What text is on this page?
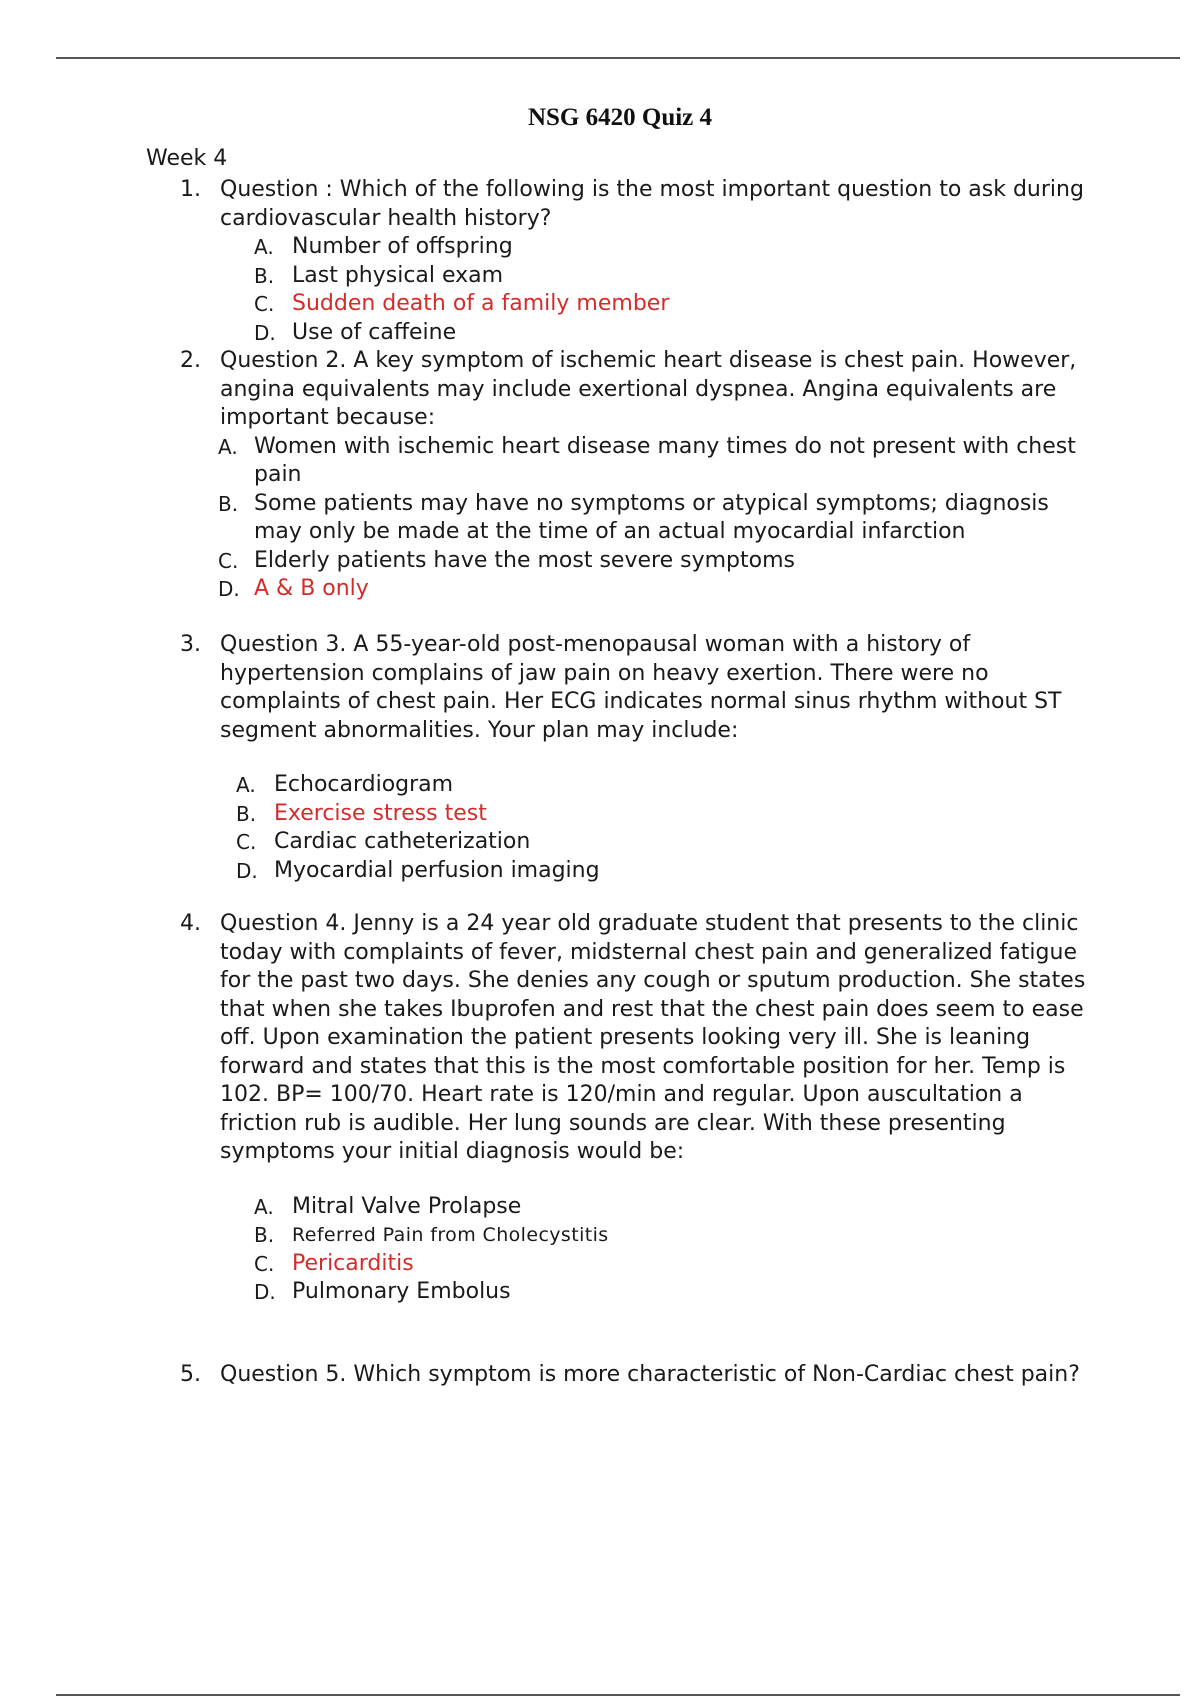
NSG 6420 Quiz 4
Week 4
1. Question : Which of the following is the most important question to ask during cardiovascular health history?
A. Number of offspring
B. Last physical exam
C. Sudden death of a family member
D. Use of caffeine
2. Question 2. A key symptom of ischemic heart disease is chest pain. However, angina equivalents may include exertional dyspnea. Angina equivalents are important because:
A. Women with ischemic heart disease many times do not present with chest pain
B. Some patients may have no symptoms or atypical symptoms; diagnosis may only be made at the time of an actual myocardial infarction
C. Elderly patients have the most severe symptoms
D. A & B only
3. Question 3. A 55-year-old post-menopausal woman with a history of hypertension complains of jaw pain on heavy exertion. There were no complaints of chest pain. Her ECG indicates normal sinus rhythm without ST segment abnormalities. Your plan may include:
A. Echocardiogram
B. Exercise stress test
C. Cardiac catheterization
D. Myocardial perfusion imaging
4. Question 4. Jenny is a 24 year old graduate student that presents to the clinic today with complaints of fever, midsternal chest pain and generalized fatigue for the past two days. She denies any cough or sputum production. She states that when she takes Ibuprofen and rest that the chest pain does seem to ease off. Upon examination the patient presents looking very ill. She is leaning forward and states that this is the most comfortable position for her. Temp is 102. BP= 100/70. Heart rate is 120/min and regular. Upon auscultation a friction rub is audible. Her lung sounds are clear. With these presenting symptoms your initial diagnosis would be:
A. Mitral Valve Prolapse
B. Referred Pain from Cholecystitis
C. Pericarditis
D. Pulmonary Embolus
5. Question 5. Which symptom is more characteristic of Non-Cardiac chest pain?
